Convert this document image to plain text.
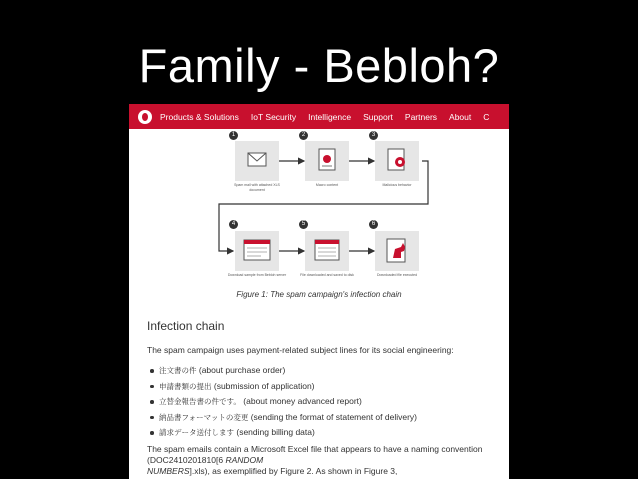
Family - Bebloh?
Products & Solutions IoT Security Intelligence Support Partners About C
1
Spam mail with attached XLS document
2
Macro content
3
Malicious behavior
4
Download sample from Bebloh server
5
File downloaded and saved to disk
6
Downloaded file executed
Figure 1: The spam campaign's infection chain
Infection chain
The spam campaign uses payment-related subject lines for its social engineering:
注文書の件 (about purchase order)
申請書類の提出 (submission of application)
立替金報告書の件です。 (about money advanced report)
納品書フォーマットの変更 (sending the format of statement of delivery)
請求データ送付します (sending billing data)
The spam emails contain a Microsoft Excel file that appears to have a naming convention
(DOC2410201810[6 RANDOM NUMBERS].xls), as exemplified by Figure 2. As shown in Figure 3,
